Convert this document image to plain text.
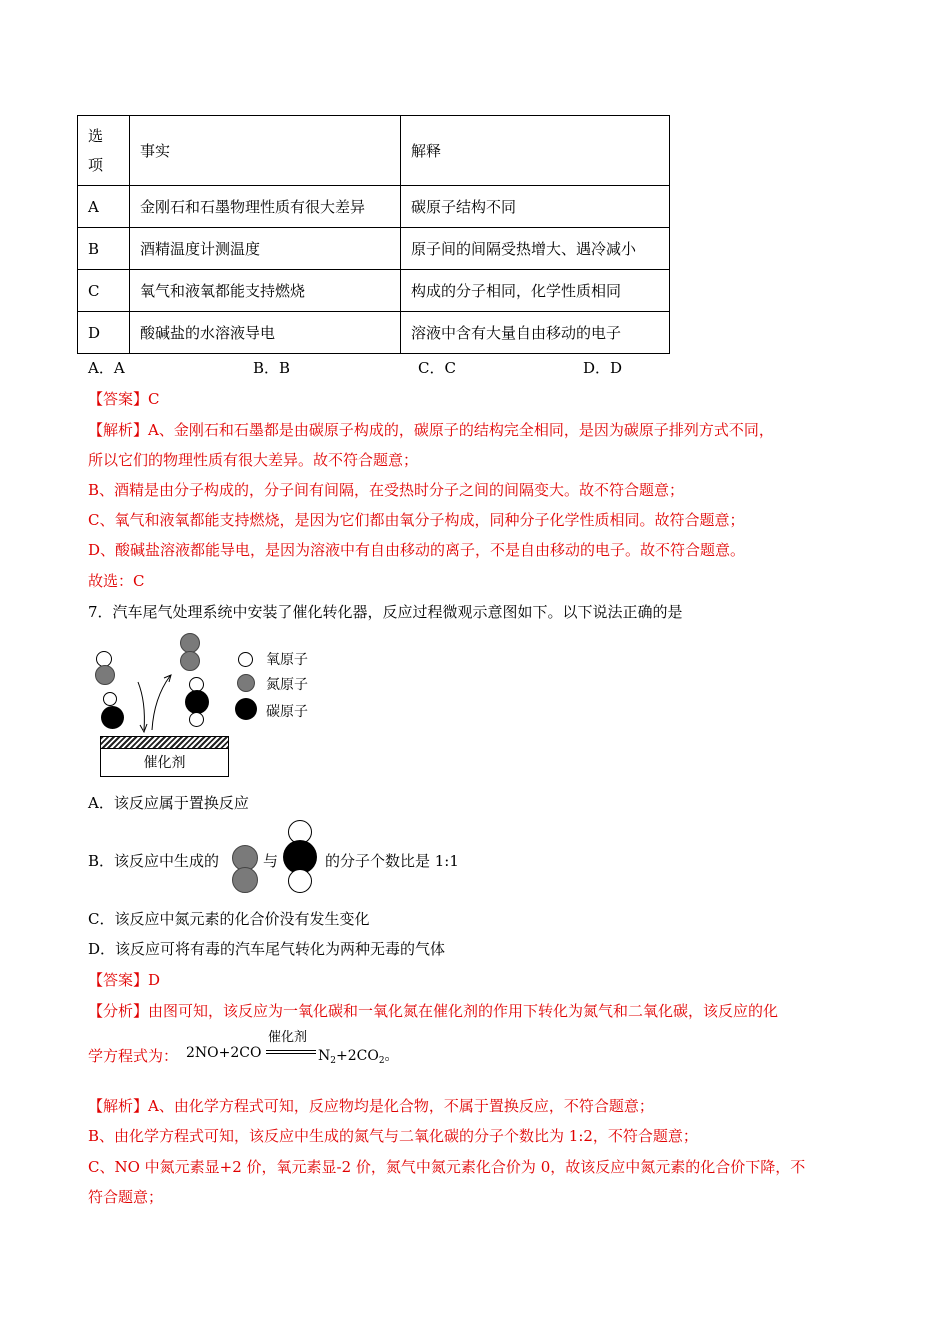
选项	事实	解释
A	金刚石和石墨物理性质有很大差异	碳原子结构不同
B	酒精温度计测温度	原子间的间隔受热增大、遇冷减小
C	氧气和液氧都能支持燃烧	构成的分子相同，化学性质相同
D	酸碱盐的水溶液导电	溶液中含有大量自由移动的电子
A．A	B．B	C．C	D．D
【答案】C
【解析】A、金刚石和石墨都是由碳原子构成的，碳原子的结构完全相同，是因为碳原子排列方式不同，
所以它们的物理性质有很大差异。故不符合题意；
B、酒精是由分子构成的，分子间有间隔，在受热时分子之间的间隔变大。故不符合题意；
C、氧气和液氧都能支持燃烧，是因为它们都由氧分子构成，同种分子化学性质相同。故符合题意；
D、酸碱盐溶液都能导电，是因为溶液中有自由移动的离子，不是自由移动的电子。故不符合题意。
故选：C
7．汽车尾气处理系统中安装了催化转化器，反应过程微观示意图如下。以下说法正确的是
氧原子
氮原子
碳原子
催化剂
A．该反应属于置换反应
B．该反应中生成的	与	的分子个数比是 1:1
C．该反应中氮元素的化合价没有发生变化
D．该反应可将有毒的汽车尾气转化为两种无毒的气体
【答案】D
【分析】由图可知，该反应为一氧化碳和一氧化氮在催化剂的作用下转化为氮气和二氧化碳，该反应的化
学方程式为： 2NO+2CO
催化剂
$N_2+2CO_2$。
【解析】A、由化学方程式可知，反应物均是化合物，不属于置换反应，不符合题意；
B、由化学方程式可知，该反应中生成的氮气与二氧化碳的分子个数比为 1:2，不符合题意；
C、NO 中氮元素显+2 价，氧元素显-2 价，氮气中氮元素化合价为 0，故该反应中氮元素的化合价下降，不
符合题意；
